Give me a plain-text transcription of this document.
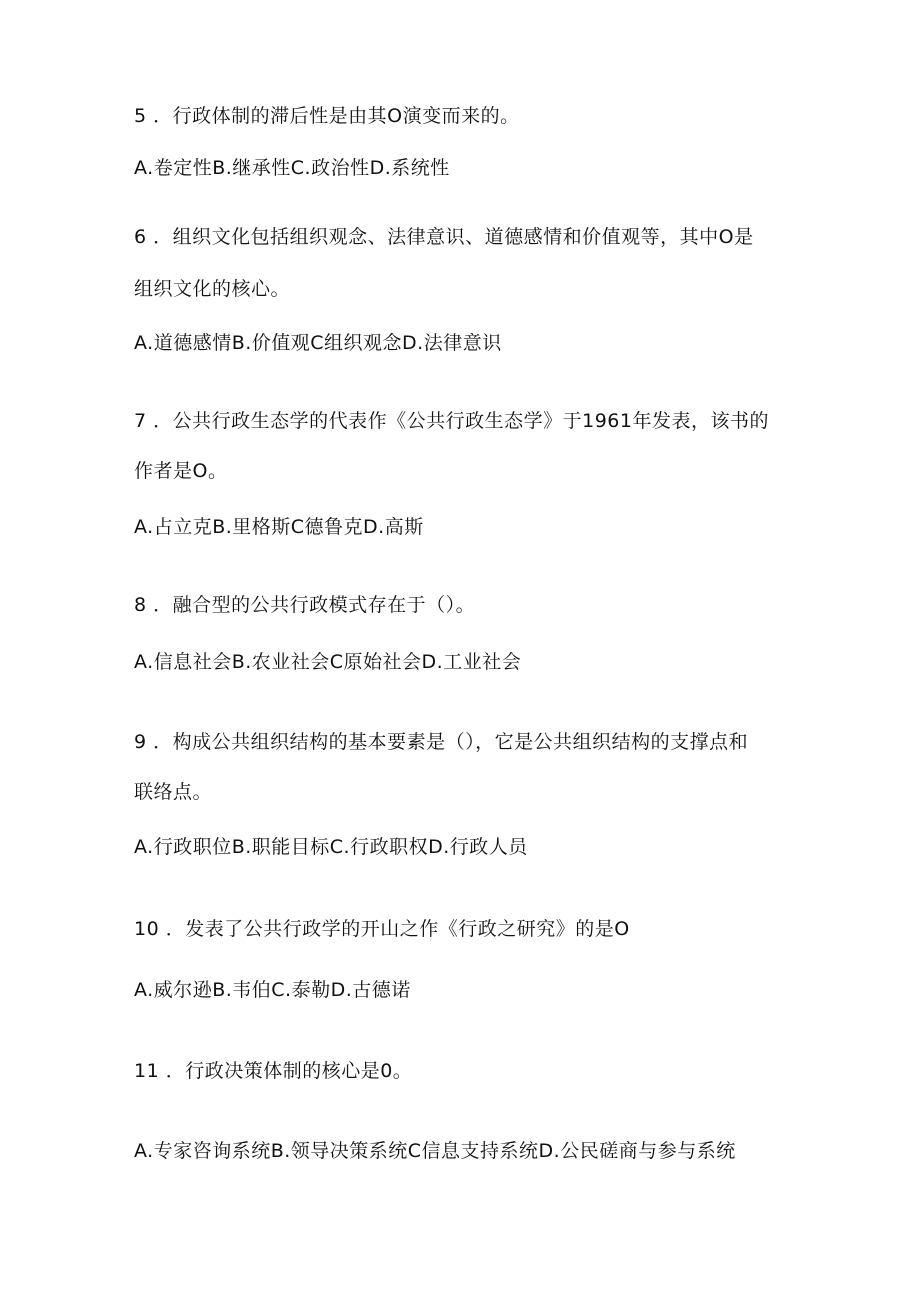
5 ．行政体制的滞后性是由其O演变而来的。
A.卷定性B.继承性C.政治性D.系统性
6 ．组织文化包括组织观念、法律意识、道德感情和价值观等，其中O是
组织文化的核心。
A.道德感情B.价值观C组织观念D.法律意识
7 ．公共行政生态学的代表作《公共行政生态学》于1961年发表，该书的
作者是O。
A.占立克B.里格斯C德鲁克D.高斯
8 ．融合型的公共行政模式存在于（）。
A.信息社会B.农业社会C原始社会D.工业社会
9 ．构成公共组织结构的基本要素是（），它是公共组织结构的支撑点和
联络点。
A.行政职位B.职能目标C.行政职权D.行政人员
10 ．发表了公共行政学的开山之作《行政之研究》的是O
A.威尔逊B.韦伯C.泰勒D.古德诺
11 ．行政决策体制的核心是0。
A.专家咨询系统B.领导决策系统C信息支持系统D.公民磋商与参与系统
